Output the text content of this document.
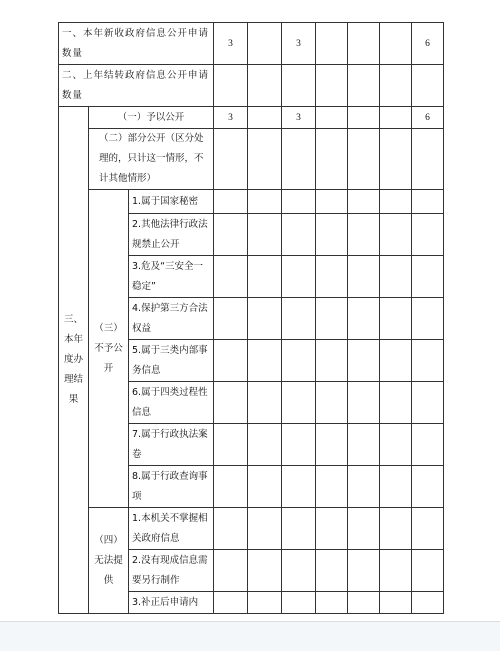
一、本年新收政府信息公开申请数量			3		3				6
二、上年结转政府信息公开申请数量									
三、本年度办理结果	（一）予以公开		3		3				6
	（二）部分公开（区分处理的，只计这一情形，不计其他情形）								
	（三）不予公开	1.属于国家秘密							
		2.其他法律行政法规禁止公开							
		3.危及“三安全一稳定”							
		4.保护第三方合法权益							
		5.属于三类内部事务信息							
		6.属于四类过程性信息							
		7.属于行政执法案卷							
		8.属于行政查询事项							
	（四）无法提供	1.本机关不掌握相关政府信息							
		2.没有现成信息需要另行制作							
		3.补正后申请内							
